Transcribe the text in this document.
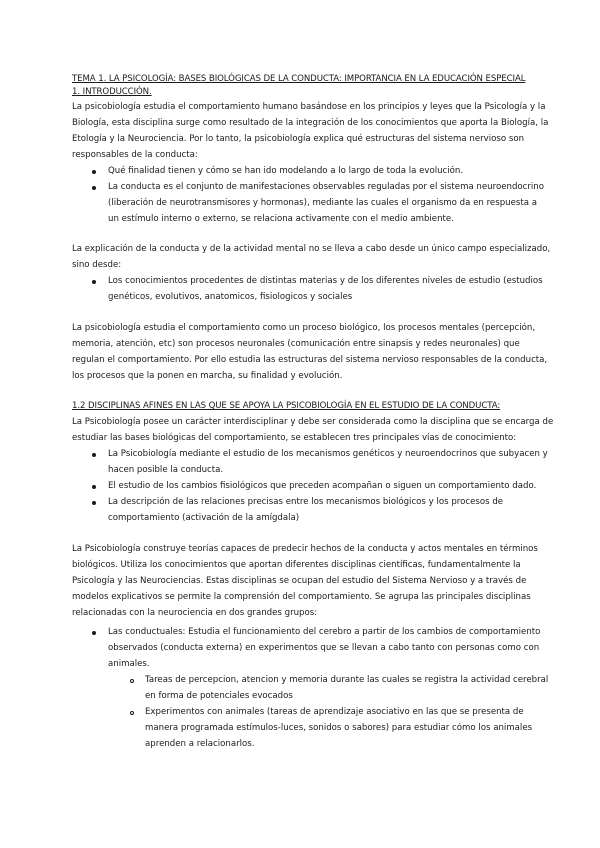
TEMA 1. LA PSICOLOGÍA: BASES BIOLÓGICAS DE LA CONDUCTA: IMPORTANCIA EN LA EDUCACIÓN ESPECIAL
1. INTRODUCCIÓN.
La psicobiología estudia el comportamiento humano basándose en los principios y leyes que la Psicología y la
Biología, esta disciplina surge como resultado de la integración de los conocimientos que aporta la Biología, la
Etología y la Neurociencia. Por lo tanto, la psicobiología explica qué estructuras del sistema nervioso son
responsables de la conducta:
Qué finalidad tienen y cómo se han ido modelando a lo largo de toda la evolución.
La conducta es el conjunto de manifestaciones observables reguladas por el sistema neuroendocrino
(liberación de neurotransmisores y hormonas), mediante las cuales el organismo da en respuesta a
un estímulo interno o externo, se relaciona activamente con el medio ambiente.
La explicación de la conducta y de la actividad mental no se lleva a cabo desde un único campo especializado,
sino desde:
Los conocimientos procedentes de distintas materias y de los diferentes niveles de estudio (estudios
genéticos, evolutivos, anatomicos, fisiologicos y sociales
La psicobiología estudia el comportamiento como un proceso biológico, los procesos mentales (percepción,
memoria, atención, etc) son procesos neuronales (comunicación entre sinapsis y redes neuronales) que
regulan el comportamiento. Por ello estudia las estructuras del sistema nervioso responsables de la conducta,
los procesos que la ponen en marcha, su finalidad y evolución.
1.2 DISCIPLINAS AFINES EN LAS QUE SE APOYA LA PSICOBIOLOGÍA EN EL ESTUDIO DE LA CONDUCTA:
La Psicobiología posee un carácter interdisciplinar y debe ser considerada como la disciplina que se encarga de
estudiar las bases biológicas del comportamiento, se establecen tres principales vías de conocimiento:
La Psicobiología mediante el estudio de los mecanismos genéticos y neuroendocrinos que subyacen y
hacen posible la conducta.
El estudio de los cambios fisiológicos que preceden acompañan o siguen un comportamiento dado.
La descripción de las relaciones precisas entre los mecanismos biológicos y los procesos de
comportamiento (activación de la amígdala)
La Psicobiología construye teorías capaces de predecir hechos de la conducta y actos mentales en términos
biológicos. Utiliza los conocimientos que aportan diferentes disciplinas científicas, fundamentalmente la
Psicología y las Neurociencias. Estas disciplinas se ocupan del estudio del Sistema Nervioso y a través de
modelos explicativos se permite la comprensión del comportamiento. Se agrupa las principales disciplinas
relacionadas con la neurociencia en dos grandes grupos:
Las conductuales: Estudia el funcionamiento del cerebro a partir de los cambios de comportamiento
observados (conducta externa) en experimentos que se llevan a cabo tanto con personas como con
animales.
Tareas de percepcion, atencion y memoria durante las cuales se registra la actividad cerebral
en forma de potenciales evocados
Experimentos con animales (tareas de aprendizaje asociativo en las que se presenta de
manera programada estímulos-luces, sonidos o sabores) para estudiar cómo los animales
aprenden a relacionarlos.
